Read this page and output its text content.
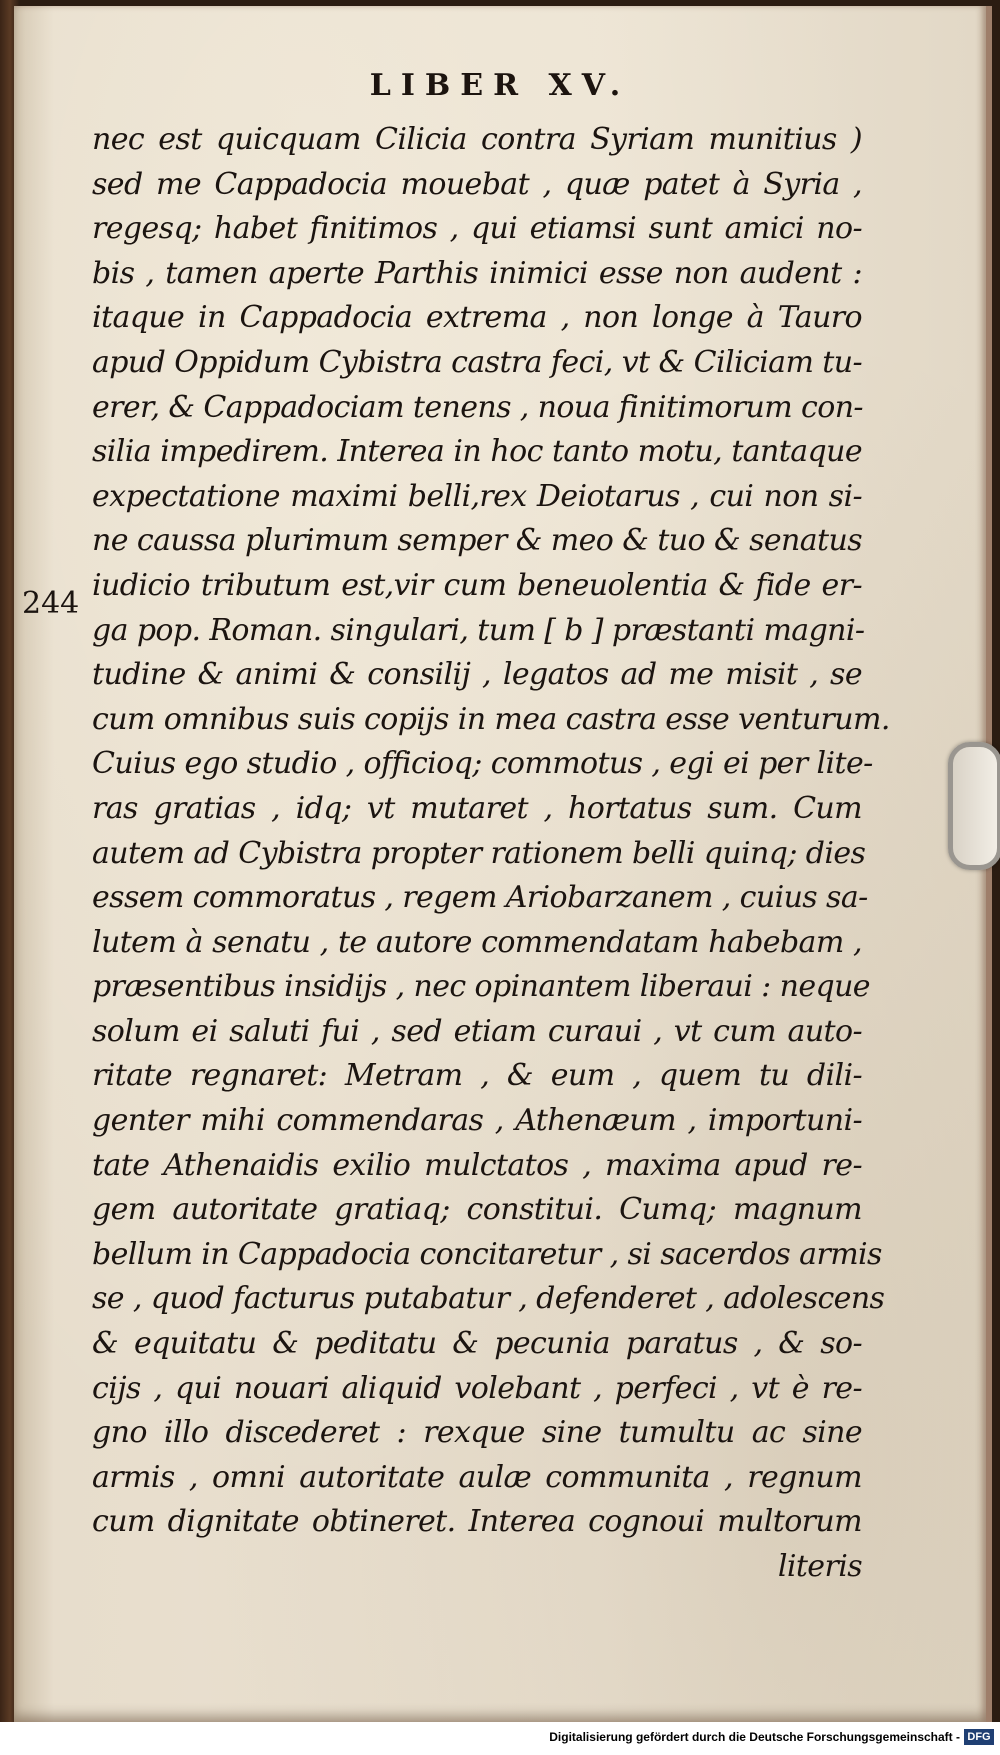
LIBER XV.
244
nec est quicquam Cilicia contra Syriam munitius )
sed me Cappadocia mouebat , quæ patet à Syria ,
regesq; habet finitimos , qui etiamsi sunt amici no-
bis , tamen aperte Parthis inimici esse non audent :
itaque in Cappadocia extrema , non longe à Tauro
apud Oppidum Cybistra castra feci, vt & Ciliciam tu-
erer, & Cappadociam tenens , noua finitimorum con-
silia impedirem. Interea in hoc tanto motu, tantaque
expectatione maximi belli,rex Deiotarus , cui non si-
ne caussa plurimum semper & meo & tuo & senatus
iudicio tributum est,vir cum beneuolentia & fide er-
ga pop. Roman. singulari, tum [ b ] præstanti magni-
tudine & animi & consilij , legatos ad me misit , se
cum omnibus suis copijs in mea castra esse venturum.
Cuius ego studio , officioq; commotus , egi ei per lite-
ras gratias , idq; vt mutaret , hortatus sum. Cum
autem ad Cybistra propter rationem belli quinq; dies
essem commoratus , regem Ariobarzanem , cuius sa-
lutem à senatu , te autore commendatam habebam ,
præsentibus insidijs , nec opinantem liberaui : neque
solum ei saluti fui , sed etiam curaui , vt cum auto-
ritate regnaret: Metram , & eum , quem tu dili-
genter mihi commendaras , Athenæum , importuni-
tate Athenaidis exilio mulctatos , maxima apud re-
gem autoritate gratiaq; constitui. Cumq; magnum
bellum in Cappadocia concitaretur , si sacerdos armis
se , quod facturus putabatur , defenderet , adolescens
& equitatu & peditatu & pecunia paratus , & so-
cijs , qui nouari aliquid volebant , perfeci , vt è re-
gno illo discederet : rexque sine tumultu ac sine
armis , omni autoritate aulæ communita , regnum
cum dignitate obtineret. Interea cognoui multorum
literis
Digitalisierung gefördert durch die Deutsche Forschungsgemeinschaft - DFG
